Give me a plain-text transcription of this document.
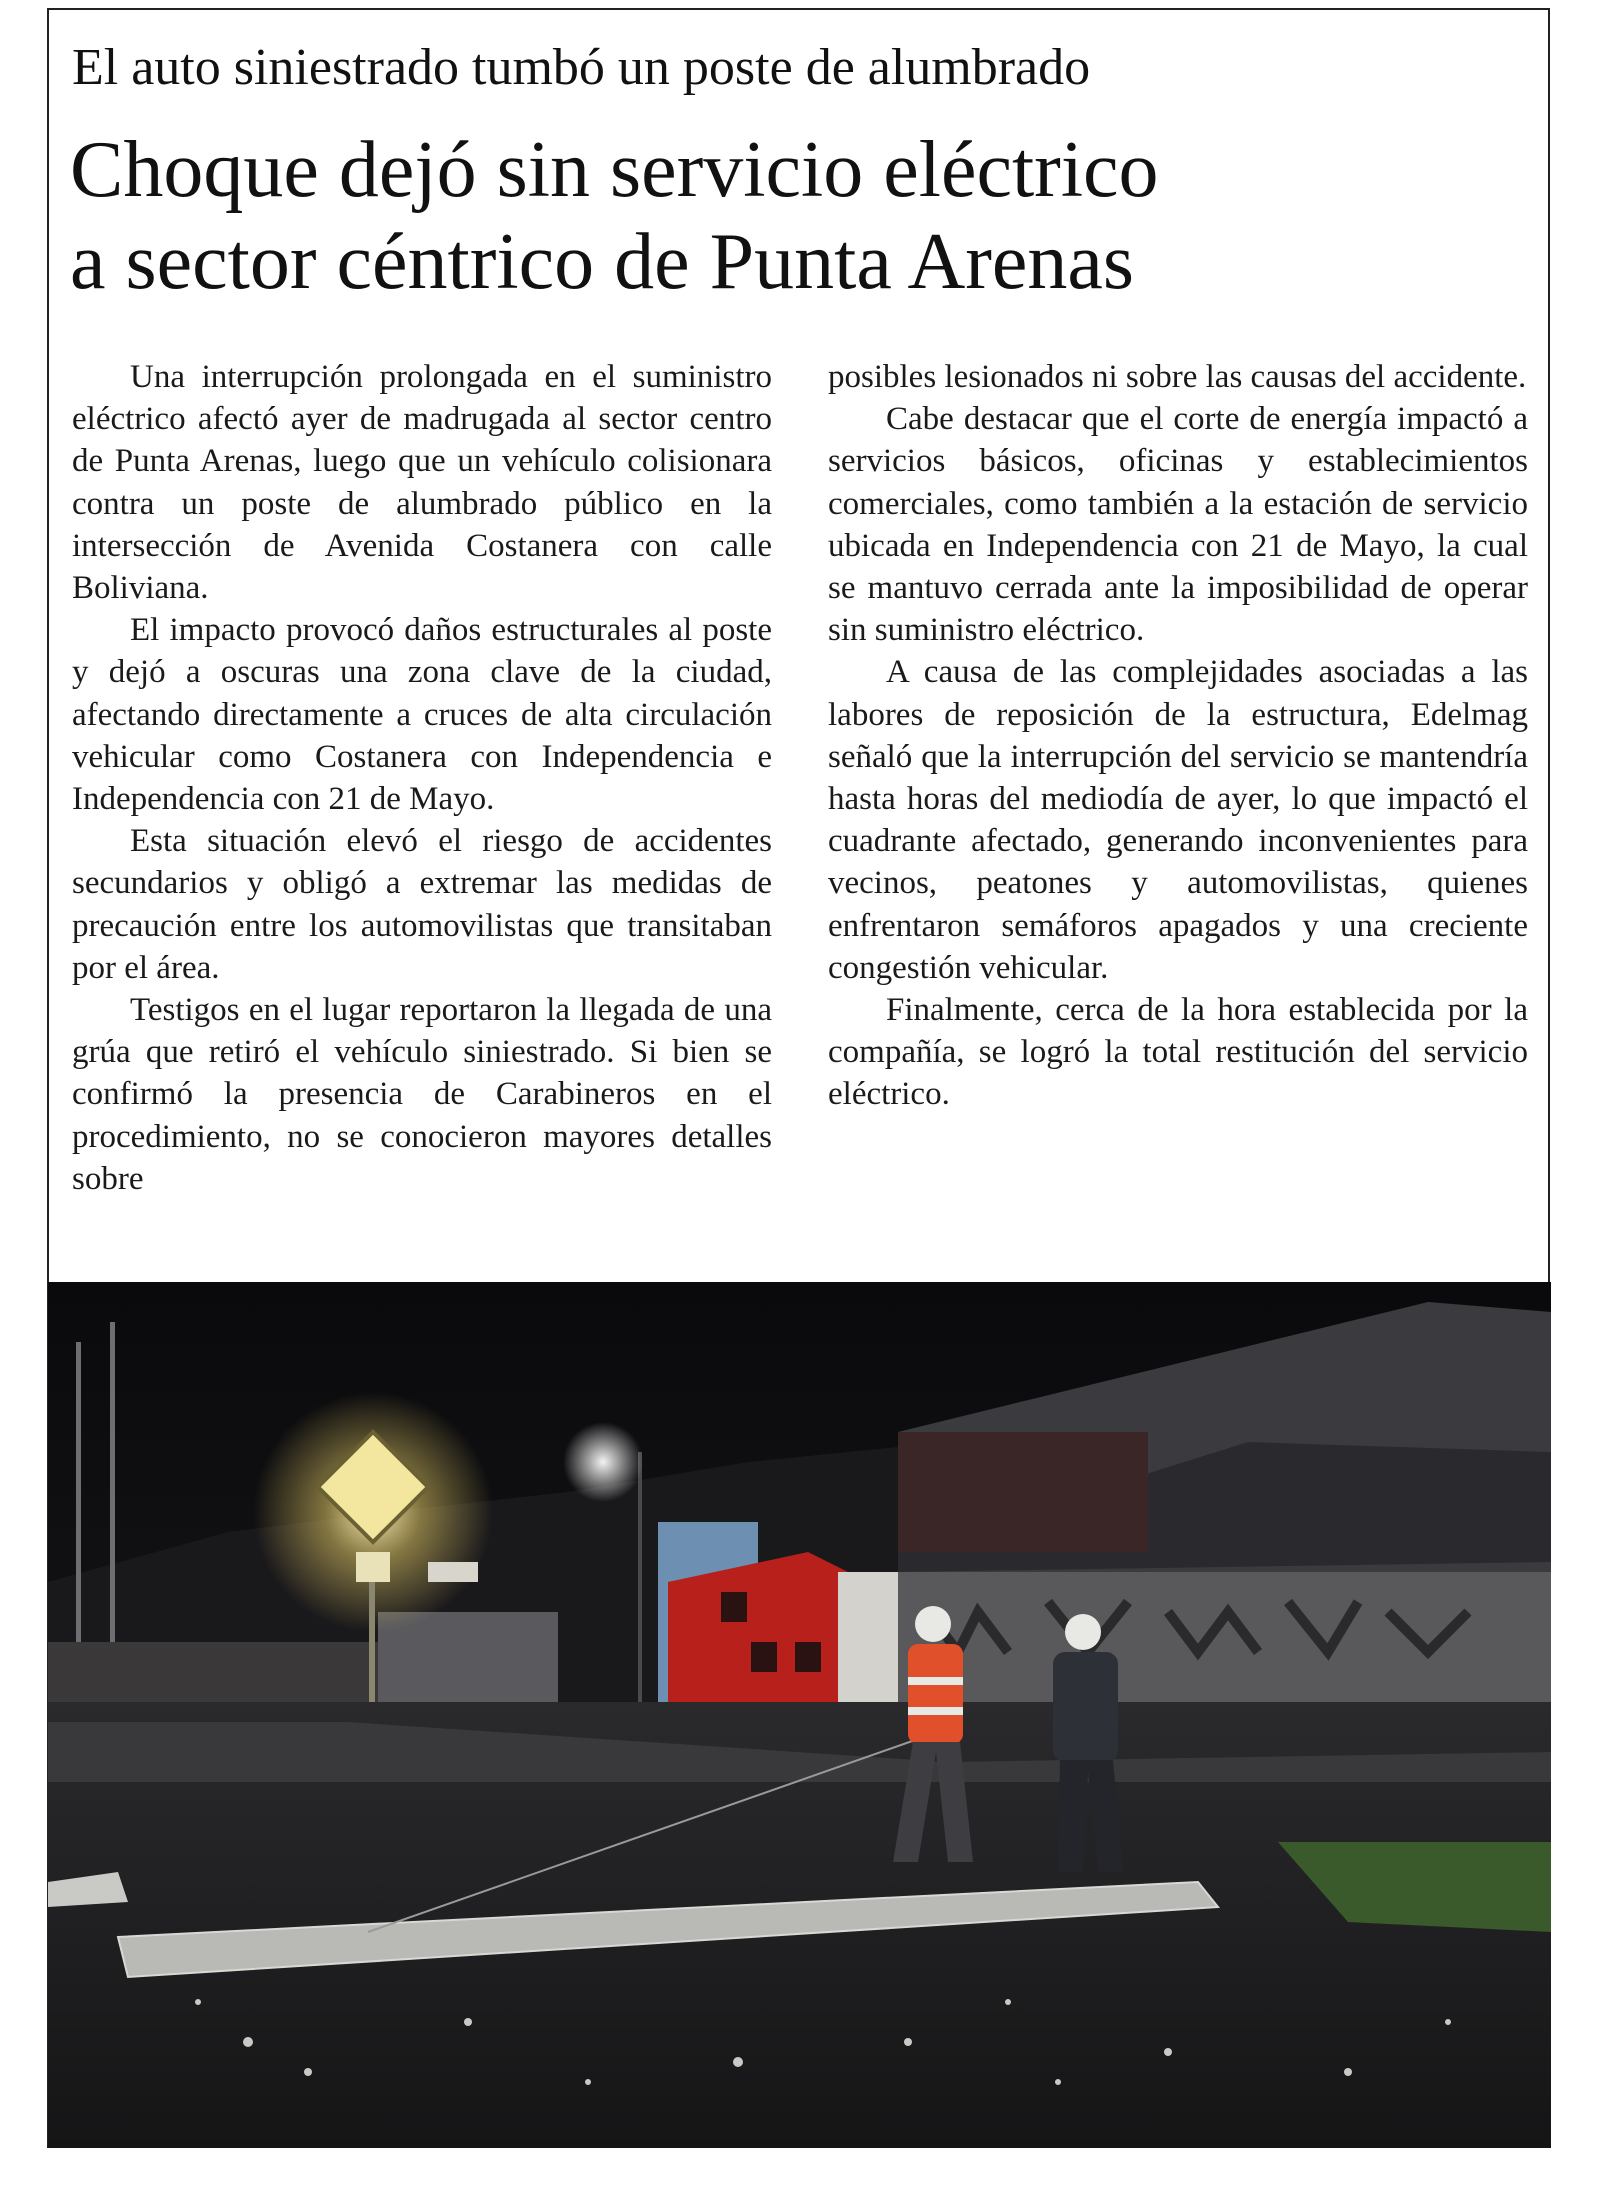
El auto siniestrado tumbó un poste de alumbrado
Choque dejó sin servicio eléctrico
a sector céntrico de Punta Arenas

Una interrupción prolongada en el suministro eléctrico afectó ayer de madrugada al sector centro de Punta Arenas, luego que un vehículo colisionara contra un poste de alumbrado público en la intersección de Avenida Costanera con calle Boliviana.

El impacto provocó daños estructurales al poste y dejó a oscuras una zona clave de la ciudad, afectando directamente a cruces de alta circulación vehicular como Costanera con Independencia e Independencia con 21 de Mayo.

Esta situación elevó el riesgo de accidentes secundarios y obligó a extremar las medidas de precaución entre los automovilistas que transitaban por el área.

Testigos en el lugar reportaron la llegada de una grúa que retiró el vehículo siniestrado. Si bien se confirmó la presencia de Carabineros en el procedimiento, no se conocieron mayores detalles sobre

posibles lesionados ni sobre las causas del accidente.

Cabe destacar que el corte de energía impactó a servicios básicos, oficinas y establecimientos comerciales, como también a la estación de servicio ubicada en Independencia con 21 de Mayo, la cual se mantuvo cerrada ante la imposibilidad de operar sin suministro eléctrico.

A causa de las complejidades asociadas a las labores de reposición de la estructura, Edelmag señaló que la interrupción del servicio se mantendría hasta horas del mediodía de ayer, lo que impactó el cuadrante afectado, generando inconvenientes para vecinos, peatones y automovilistas, quienes enfrentaron semáforos apagados y una creciente congestión vehicular.

Finalmente, cerca de la hora establecida por la compañía, se logró la total restitución del servicio eléctrico.
